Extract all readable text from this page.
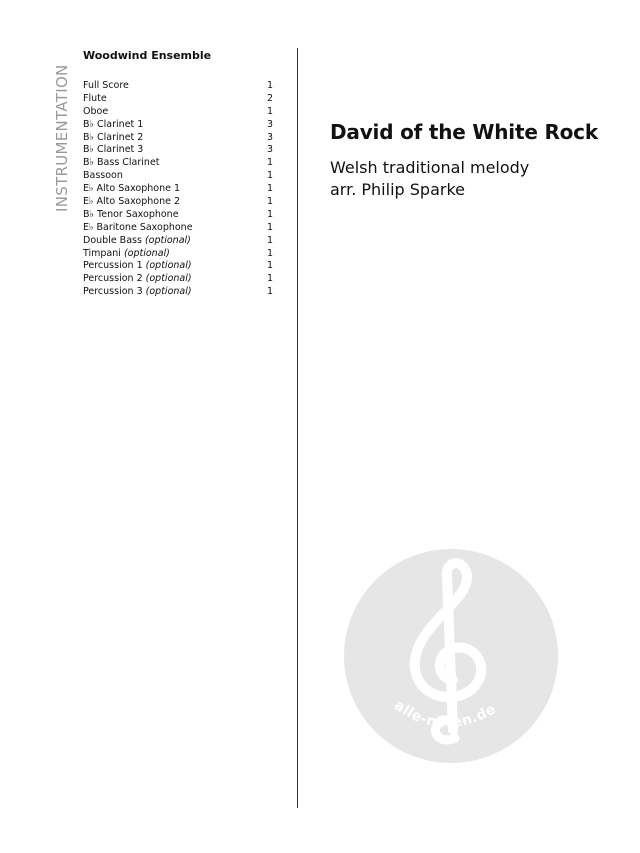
INSTRUMENTATION
Woodwind Ensemble
Full Score	1
Flute	2
Oboe	1
B♭ Clarinet 1	3
B♭ Clarinet 2	3
B♭ Clarinet 3	3
B♭ Bass Clarinet	1
Bassoon	1
E♭ Alto Saxophone 1	1
E♭ Alto Saxophone 2	1
B♭ Tenor Saxophone	1
E♭ Baritone Saxophone	1
Double Bass (optional)	1
Timpani (optional)	1
Percussion 1 (optional)	1
Percussion 2 (optional)	1
Percussion 3 (optional)	1
David of the White Rock

Welsh traditional melody

arr. Philip Sparke

alle-noten.de
